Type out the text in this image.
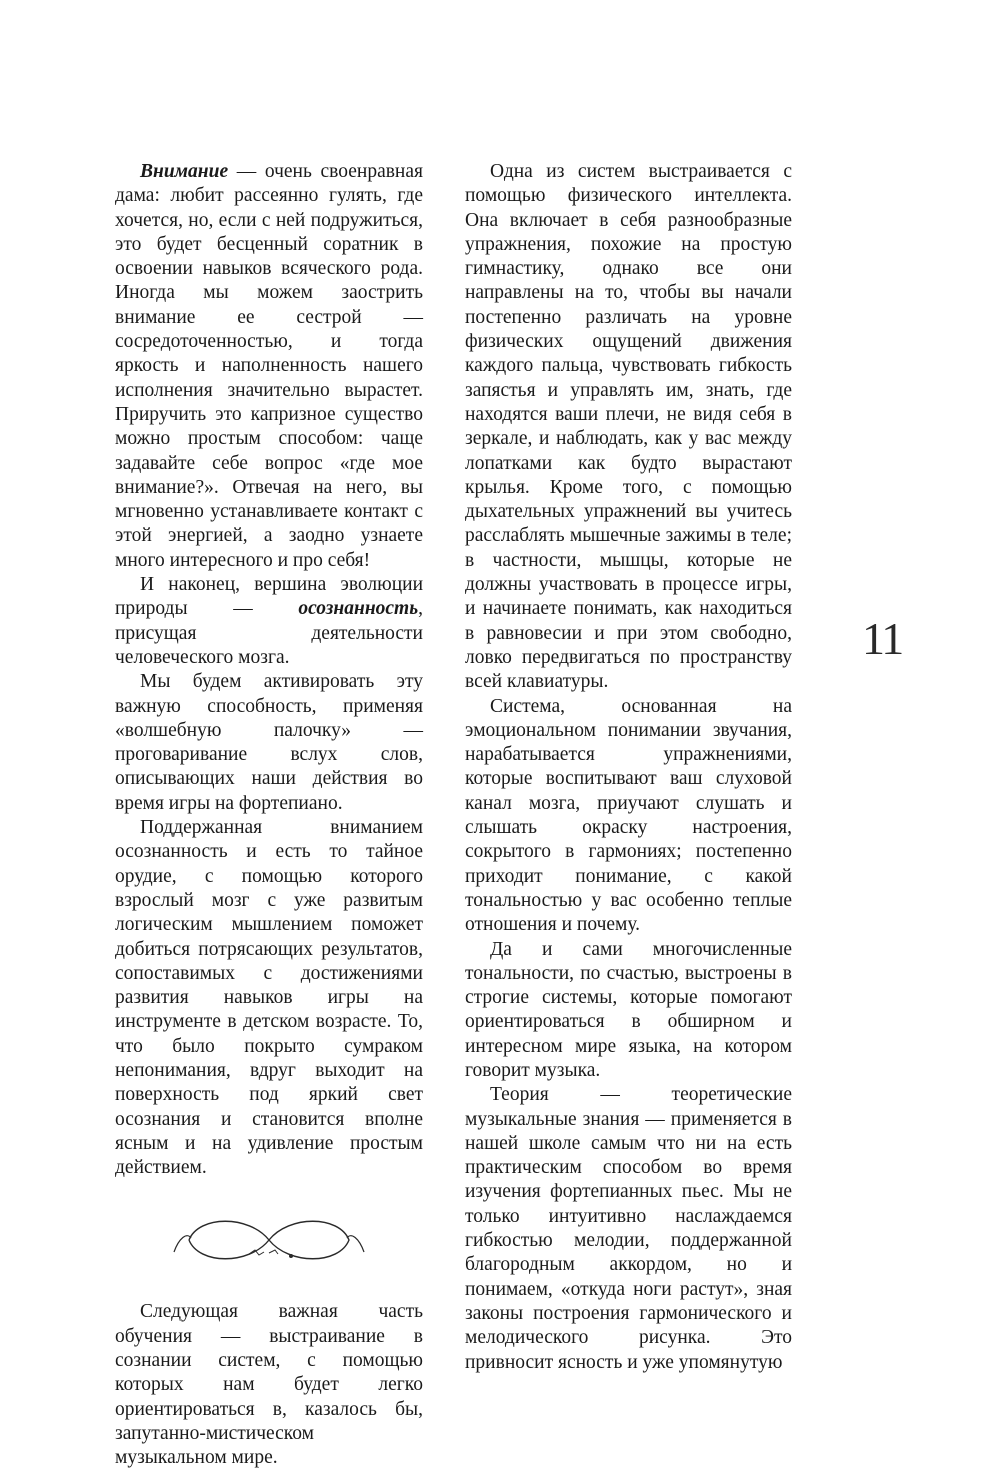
Внимание — очень своенравная дама: любит рассеянно гулять, где хочется, но, если с ней подружиться, это будет бесценный соратник в освоении навыков всяческого рода. Иногда мы можем заострить внимание ее сестрой — сосредоточенностью, и тогда яркость и наполненность нашего исполнения значительно вырастет. Приручить это капризное существо можно простым способом: чаще задавайте себе вопрос «где мое внимание?». Отвечая на него, вы мгновенно устанавливаете контакт с этой энергией, а заодно узнаете много интересного и про себя!

И наконец, вершина эволюции природы — осознанность, присущая деятельности человеческого мозга.

Мы будем активировать эту важную способность, применяя «волшебную палочку» — проговаривание вслух слов, описывающих наши действия во время игры на фортепиано.

Поддержанная вниманием осознанность и есть то тайное орудие, с помощью которого взрослый мозг с уже развитым логическим мышлением поможет добиться потрясающих результатов, сопоставимых с достижениями развития навыков игры на инструменте в детском возрасте. То, что было покрыто сумраком непонимания, вдруг выходит на поверхность под яркий свет осознания и становится вполне ясным и на удивление простым действием.

Следующая важная часть обучения — выстраивание в сознании систем, с помощью которых нам будет легко ориентироваться в, казалось бы, запутанно-мистическом музыкальном мире.

Одна из систем выстраивается с помощью физического интеллекта. Она включает в себя разнообразные упражнения, похожие на простую гимнастику, однако все они направлены на то, чтобы вы начали постепенно различать на уровне физических ощущений движения каждого пальца, чувствовать гибкость запястья и управлять им, знать, где находятся ваши плечи, не видя себя в зеркале, и наблюдать, как у вас между лопатками как будто вырастают крылья. Кроме того, с помощью дыхательных упражнений вы учитесь расслаблять мышечные зажимы в теле; в частности, мышцы, которые не должны участвовать в процессе игры, и начинаете понимать, как находиться в равновесии и при этом свободно, ловко передвигаться по пространству всей клавиатуры.

Система, основанная на эмоциональном понимании звучания, нарабатывается упражнениями, которые воспитывают ваш слуховой канал мозга, приучают слушать и слышать окраску настроения, сокрытого в гармониях; постепенно приходит понимание, с какой тональностью у вас особенно теплые отношения и почему.

Да и сами многочисленные тональности, по счастью, выстроены в строгие системы, которые помогают ориентироваться в обширном и интересном мире языка, на котором говорит музыка.

Теория — теоретические музыкальные знания — применяется в нашей школе самым что ни на есть практическим способом во время изучения фортепианных пьес. Мы не только интуитивно наслаждаемся гибкостью мелодии, поддержанной благородным аккордом, но и понимаем, «откуда ноги растут», зная законы построения гармонического и мелодического рисунка. Это привносит ясность и уже упомянутую

11
